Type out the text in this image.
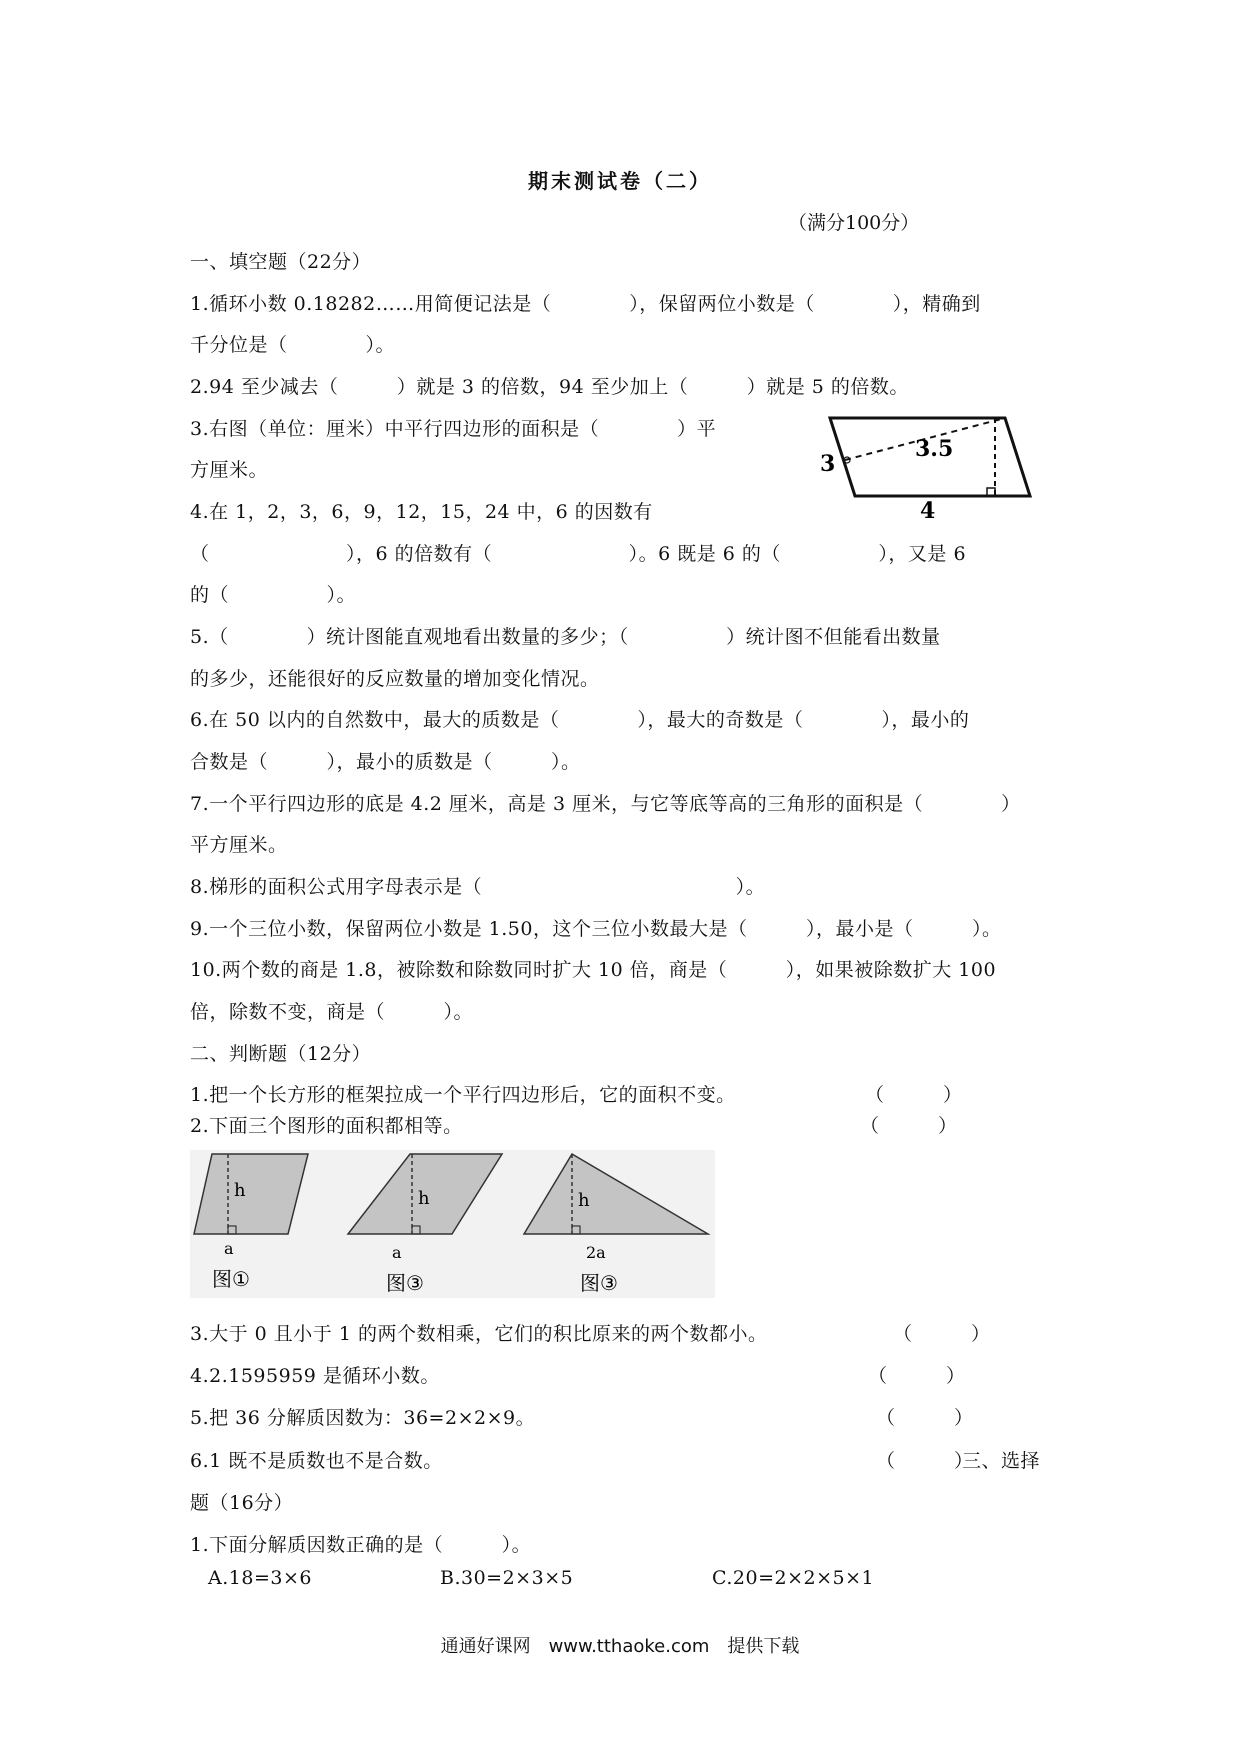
期末测试卷（二）
（满分100分）
一、填空题（22分）
1.循环小数 0.18282……用简便记法是（　　　　），保留两位小数是（　　　　），精确到
千分位是（　　　　）。
2.94 至少减去（　　　）就是 3 的倍数，94 至少加上（　　　）就是 5 的倍数。
3.右图（单位：厘米）中平行四边形的面积是（　　　　）平
方厘米。	3
3.5
4
4.在 1，2，3，6，9，12，15，24 中，6 的因数有
（　　　　　　　），6 的倍数有（　　　　　　　）。6 既是 6 的（　　　　　），又是 6
的（　　　　　）。
5.（　　　　）统计图能直观地看出数量的多少；（　　　　　）统计图不但能看出数量
的多少，还能很好的反应数量的增加变化情况。
6.在 50 以内的自然数中，最大的质数是（　　　　），最大的奇数是（　　　　），最小的
合数是（　　　），最小的质数是（　　　）。
7.一个平行四边形的底是 4.2 厘米，高是 3 厘米，与它等底等高的三角形的面积是（　　　　）
平方厘米。
8.梯形的面积公式用字母表示是（　　　　　　　　　　　　　）。
9.一个三位小数，保留两位小数是 1.50，这个三位小数最大是（　　　），最小是（　　　）。
10.两个数的商是 1.8，被除数和除数同时扩大 10 倍，商是（　　　），如果被除数扩大 100
倍，除数不变，商是（　　　）。
二、判断题（12分）
1.把一个长方形的框架拉成一个平行四边形后，它的面积不变。	（　　　）
2.下面三个图形的面积都相等。	（　　　）
h
a
图①
h
a
图③
h
2a
图③
3.大于 0 且小于 1 的两个数相乘，它们的积比原来的两个数都小。	（　　　）
4.2.1595959 是循环小数。	（　　　）
5.把 36 分解质因数为：36=2×2×9。	（　　　）
6.1 既不是质数也不是合数。	（　　　）
三、选择
题（16分）
1.下面分解质因数正确的是（　　　）。
A.18=3×6	B.30=2×3×5	C.20=2×2×5×1
通通好课网　www.tthaoke.com　提供下载
